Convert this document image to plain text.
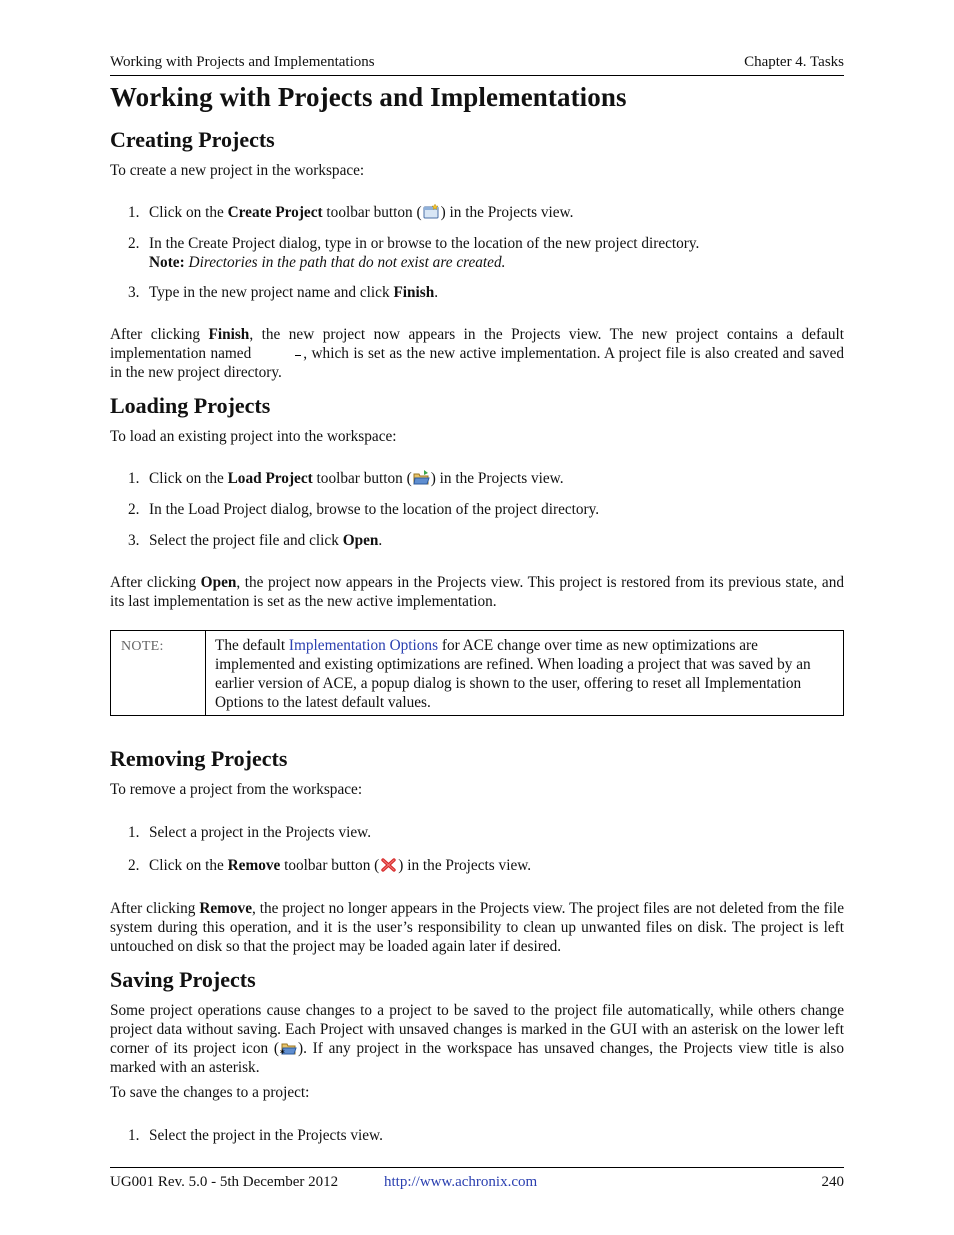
Working with Projects and Implementations	Chapter 4. Tasks
Working with Projects and Implementations
Creating Projects

To create a new project in the workspace:

1. Click on the Create Project toolbar button ( ) in the Projects view.
2. In the Create Project dialog, type in or browse to the location of the new project directory.
Note: Directories in the path that do not exist are created.
3. Type in the new project name and click Finish.

After clicking Finish, the new project now appears in the Projects view. The new project contains a default implementation named	, which is set as the new active implementation. A project file is also created and saved in the new project directory.

Loading Projects

To load an existing project into the workspace:

1. Click on the Load Project toolbar button ( ) in the Projects view.
2. In the Load Project dialog, browse to the location of the project directory.
3. Select the project file and click Open.

After clicking Open, the project now appears in the Projects view. This project is restored from its previous state, and its last implementation is set as the new active implementation.

NOTE:	The default Implementation Options for ACE change over time as new optimizations are implemented and existing optimizations are refined. When loading a project that was saved by an earlier version of ACE, a popup dialog is shown to the user, offering to reset all Implementation Options to the latest default values.
Removing Projects

To remove a project from the workspace:

1. Select a project in the Projects view.
2. Click on the Remove toolbar button ( ) in the Projects view.

After clicking Remove, the project no longer appears in the Projects view. The project files are not deleted from the file system during this operation, and it is the user’s responsibility to clean up unwanted files on disk. The project is left untouched on disk so that the project may be loaded again later if desired.

Saving Projects

Some project operations cause changes to a project to be saved to the project file automatically, while others change project data without saving. Each Project with unsaved changes is marked in the GUI with an asterisk on the lower left corner of its project icon ( * ). If any project in the workspace has unsaved changes, the Projects view title is also marked with an asterisk.

To save the changes to a project:

1. Select the project in the Projects view.
UG001 Rev. 5.0 - 5th December 2012	http://www.achronix.com	240
